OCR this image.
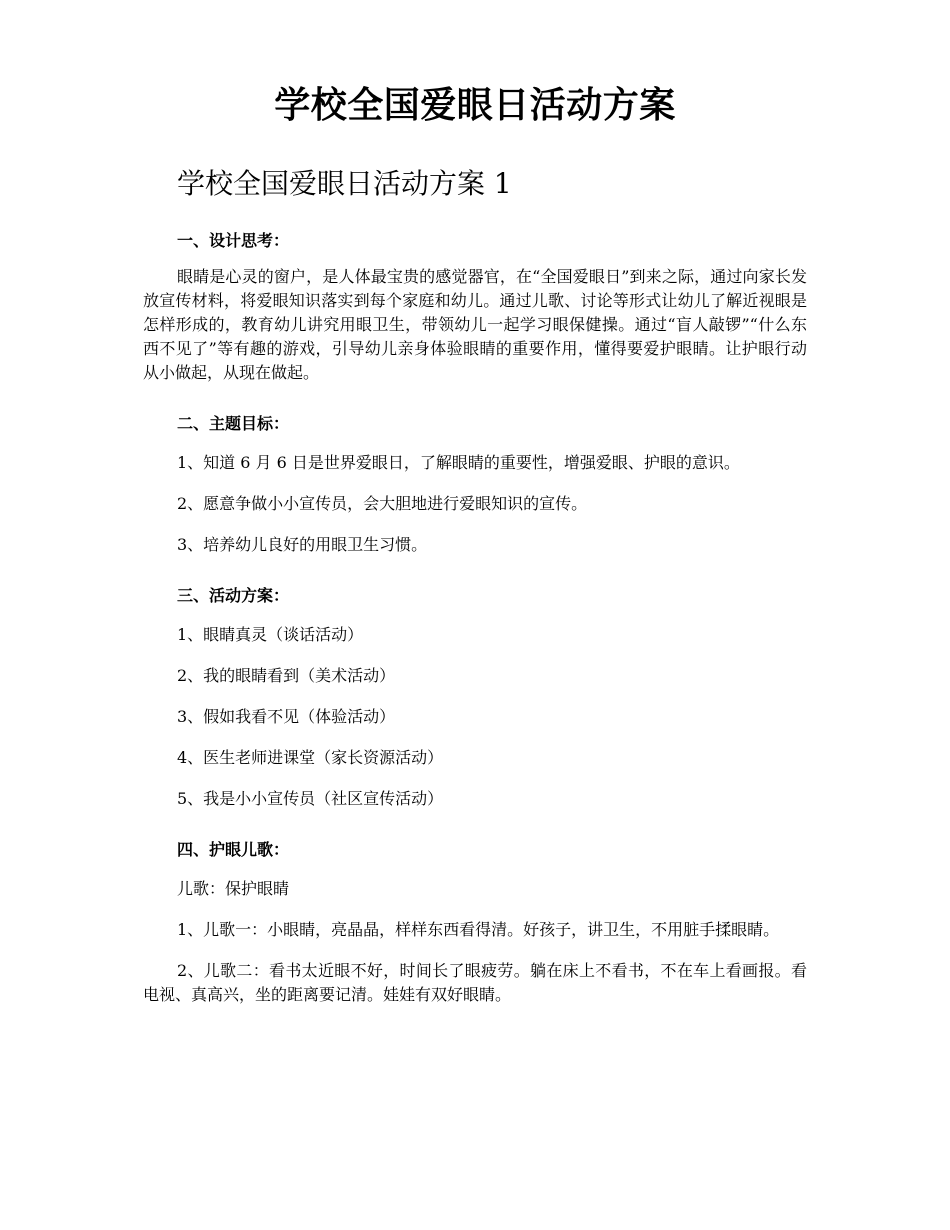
学校全国爱眼日活动方案
学校全国爱眼日活动方案 1
一、设计思考：

眼睛是心灵的窗户，是人体最宝贵的感觉器官，在“全国爱眼日”到来之际，通过向家长发放宣传材料，将爱眼知识落实到每个家庭和幼儿。通过儿歌、讨论等形式让幼儿了解近视眼是怎样形成的，教育幼儿讲究用眼卫生，带领幼儿一起学习眼保健操。通过“盲人敲锣”“什么东西不见了”等有趣的游戏，引导幼儿亲身体验眼睛的重要作用，懂得要爱护眼睛。让护眼行动从小做起，从现在做起。

二、主题目标：

1、知道 6 月 6 日是世界爱眼日，了解眼睛的重要性，增强爱眼、护眼的意识。

2、愿意争做小小宣传员，会大胆地进行爱眼知识的宣传。

3、培养幼儿良好的用眼卫生习惯。

三、活动方案：

1、眼睛真灵（谈话活动）

2、我的眼睛看到（美术活动）

3、假如我看不见（体验活动）

4、医生老师进课堂（家长资源活动）

5、我是小小宣传员（社区宣传活动）

四、护眼儿歌：

儿歌：保护眼睛

1、儿歌一：小眼睛，亮晶晶，样样东西看得清。好孩子，讲卫生，不用脏手揉眼睛。

2、儿歌二：看书太近眼不好，时间长了眼疲劳。躺在床上不看书，不在车上看画报。看电视、真高兴，坐的距离要记清。娃娃有双好眼睛。
